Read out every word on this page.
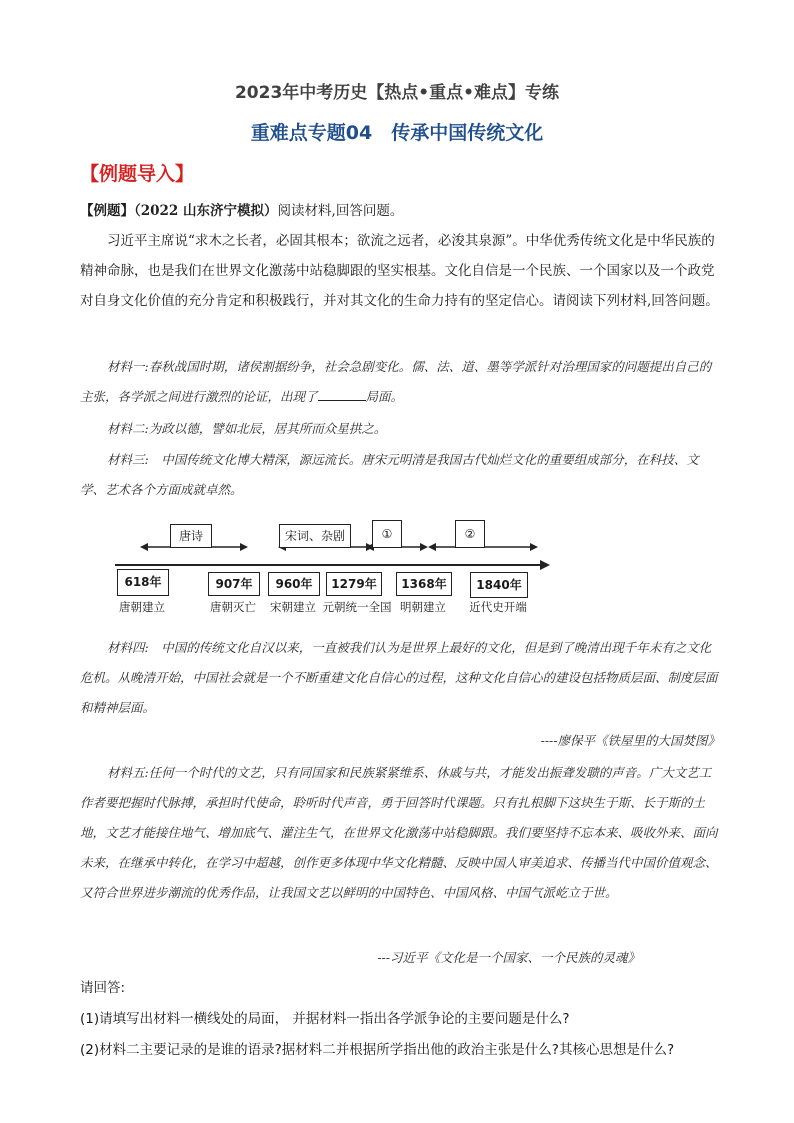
2023年中考历史【热点•重点•难点】专练
重难点专题04　传承中国传统文化
【例题导入】
【例题】（2022 山东济宁模拟）阅读材料,回答问题。
习近平主席说“求木之长者，必固其根本；欲流之远者，必浚其泉源”。中华优秀传统文化是中华民族的精神命脉，也是我们在世界文化激荡中站稳脚跟的坚实根基。文化自信是一个民族、一个国家以及一个政党对自身文化价值的充分肯定和积极践行，并对其文化的生命力持有的坚定信心。请阅读下列材料,回答问题。
材料一:春秋战国时期，诸侯割据纷争，社会急剧变化。儒、法、道、墨等学派针对治理国家的问题提出自己的主张，各学派之间进行激烈的论证，出现了	局面。
材料二:为政以德，譬如北辰，居其所而众星拱之。
材料三:　中国传统文化博大精深，源远流长。唐宋元明清是我国古代灿烂文化的重要组成部分，在科技、文学、艺术各个方面成就卓然。
唐诗	宋词、杂剧	①	②
618年	907年	960年	1279年	1368年	1840年
唐朝建立	唐朝灭亡	宋朝建立 元朝统一全国 明朝建立	近代史开端
材料四:　中国的传统文化自汉以来，一直被我们认为是世界上最好的文化，但是到了晚清出现千年未有之文化危机。从晚清开始，中国社会就是一个不断重建文化自信心的过程，这种文化自信心的建设包括物质层面、制度层面和精神层面。
----廖保平《铁屋里的大国焚图》
材料五:任何一个时代的文艺，只有同国家和民族紧紧维系、休戚与共，才能发出振聋发聩的声音。广大文艺工作者要把握时代脉搏，承担时代使命，聆听时代声音，勇于回答时代课题。只有扎根脚下这块生于斯、长于斯的土地，文艺才能接住地气、增加底气、灌注生气，在世界文化激荡中站稳脚跟。我们要坚持不忘本来、吸收外来、面向未来，在继承中转化，在学习中超越，创作更多体现中华文化精髓、反映中国人审美追求、传播当代中国价值观念、又符合世界进步潮流的优秀作品，让我国文艺以鲜明的中国特色、中国风格、中国气派屹立于世。
---习近平《文化是一个国家、一个民族的灵魂》
请回答:
(1)请填写出材料一横线处的局面， 并据材料一指出各学派争论的主要问题是什么?
(2)材料二主要记录的是谁的语录?据材料二并根据所学指出他的政治主张是什么?其核心思想是什么?
